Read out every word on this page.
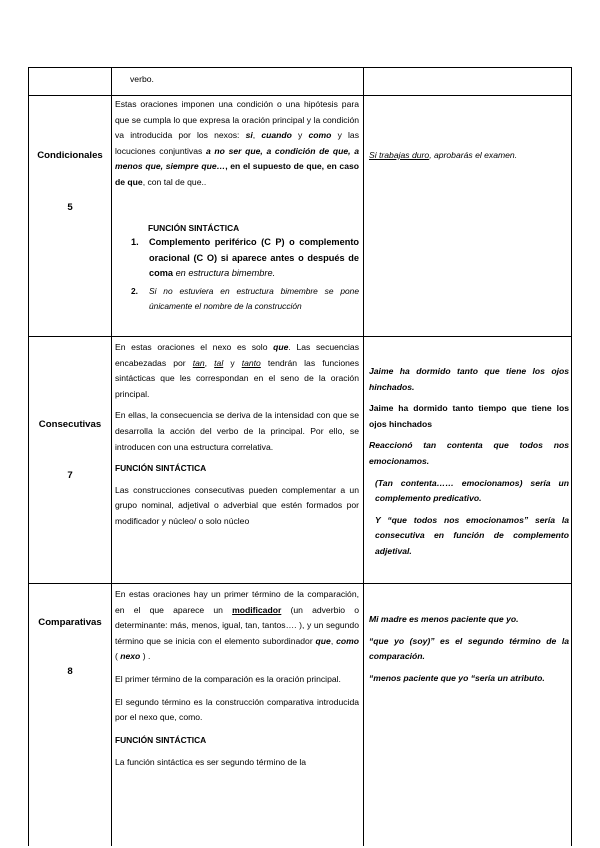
verbo.

Condicionales
5

Estas oraciones imponen una condición o una hipótesis para que se cumpla lo que expresa la oración principal y la condición va introducida por los nexos: si, cuando y como y las locuciones conjuntivas a no ser que, a condición de que, a menos que, siempre que…, en el supuesto de que, en caso de que, con tal de que..

FUNCIÓN SINTÁCTICA
1. Complemento periférico (C P) o complemento oracional (C O) si aparece antes o después de coma en estructura bimembre.
2. Si no estuviera en estructura bimembre se pone únicamente el nombre de la construcción

Si trabajas duro, aprobarás el examen.

Consecutivas
7

En estas oraciones el nexo es solo que. Las secuencias encabezadas por tan, tal y tanto tendrán las funciones sintácticas que les correspondan en el seno de la oración principal.

En ellas, la consecuencia se deriva de la intensidad con que se desarrolla la acción del verbo de la principal. Por ello, se introducen con una estructura correlativa.

FUNCIÓN SINTÁCTICA

Las construcciones consecutivas pueden complementar a un grupo nominal, adjetival o adverbial que estén formados por modificador y núcleo/ o solo núcleo

Jaime ha dormido tanto que tiene los ojos hinchados.

Jaime ha dormido tanto tiempo que tiene los ojos hinchados

Reaccionó tan contenta que todos nos emocionamos.

(Tan contenta…… emocionamos) sería un complemento predicativo.

Y “que todos nos emocionamos” sería la consecutiva en función de complemento adjetival.

Comparativas
8

En estas oraciones hay un primer término de la comparación, en el que aparece un modificador (un adverbio o determinante: más, menos, igual, tan, tantos…. ), y un segundo término que se inicia con el elemento subordinador que, como ( nexo ) .

El primer término de la comparación es la oración principal.

El segundo término es la construcción comparativa introducida por el nexo que, como.

FUNCIÓN SINTÁCTICA

La función sintáctica es ser segundo término de la

Mi madre es menos paciente que yo.

“que yo (soy)” es el segundo término de la comparación.

“menos paciente que yo “sería un atributo.
